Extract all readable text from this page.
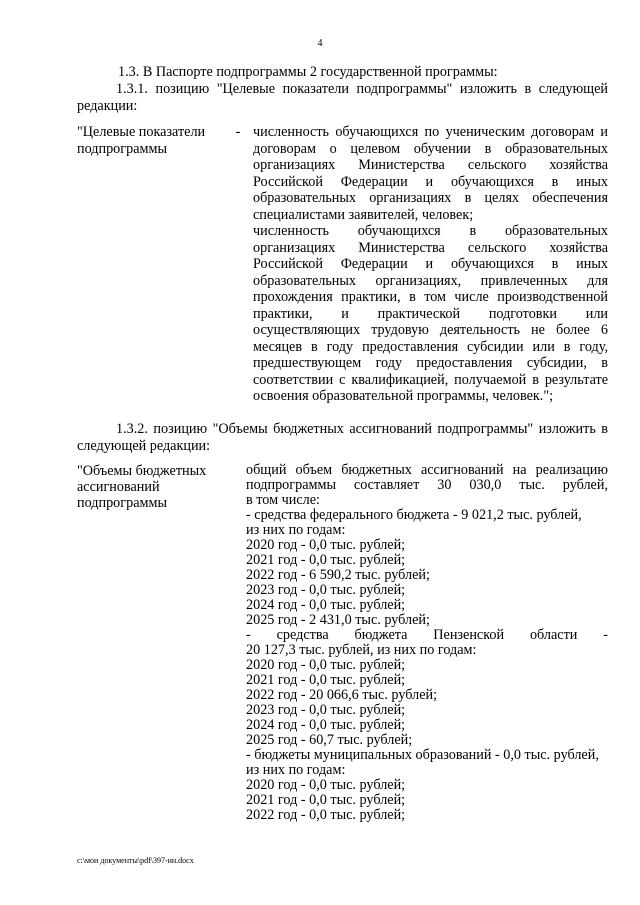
4
1.3. В Паспорте подпрограммы 2 государственной программы:
1.3.1. позицию "Целевые показатели подпрограммы" изложить в следующей редакции:
"Целевые показатели подпрограммы
- численность обучающихся по ученическим договорам и договорам о целевом обучении в образовательных организациях Министерства сельского хозяйства Российской Федерации и обучающихся в иных образовательных организациях в целях обеспечения специалистами заявителей, человек;
численность обучающихся в образовательных организациях Министерства сельского хозяйства Российской Федерации и обучающихся в иных образовательных организациях, привлеченных для прохождения практики, в том числе производственной практики, и практической подготовки или осуществляющих трудовую деятельность не более 6 месяцев в году предоставления субсидии или в году, предшествующем году предоставления субсидии, в соответствии с квалификацией, получаемой в результате освоения образовательной программы, человек.";
1.3.2. позицию "Объемы бюджетных ассигнований подпрограммы" изложить в следующей редакции:
"Объемы бюджетных ассигнований подпрограммы
общий объем бюджетных ассигнований на реализацию
подпрограммы составляет 30 030,0 тыс. рублей,
в том числе:
- средства федерального бюджета - 9 021,2 тыс. рублей,
из них по годам:
2020 год - 0,0 тыс. рублей;
2021 год - 0,0 тыс. рублей;
2022 год - 6 590,2 тыс. рублей;
2023 год - 0,0 тыс. рублей;
2024 год - 0,0 тыс. рублей;
2025 год - 2 431,0 тыс. рублей;
- средства бюджета Пензенской области -
20 127,3 тыс. рублей, из них по годам:
2020 год - 0,0 тыс. рублей;
2021 год - 0,0 тыс. рублей;
2022 год - 20 066,6 тыс. рублей;
2023 год - 0,0 тыс. рублей;
2024 год - 0,0 тыс. рублей;
2025 год - 60,7 тыс. рублей;
- бюджеты муниципальных образований - 0,0 тыс. рублей,
из них по годам:
2020 год - 0,0 тыс. рублей;
2021 год - 0,0 тыс. рублей;
2022 год - 0,0 тыс. рублей;
c:\мои документы\pdf\397-ин.docx
